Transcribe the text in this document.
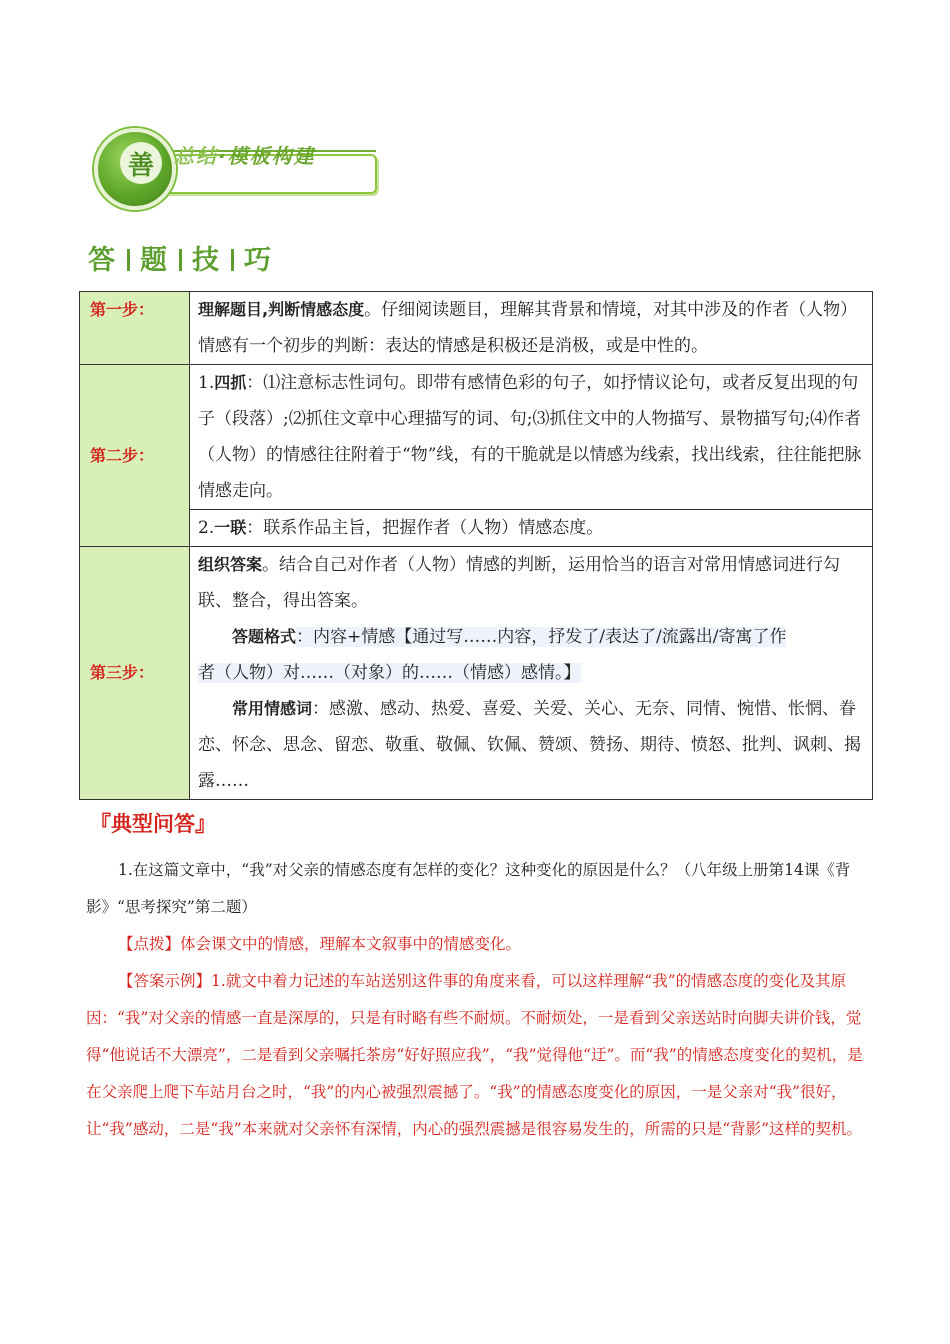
善	总结·模板构建
答 题 技 巧
第一步：	理解题目,判断情感态度。仔细阅读题目，理解其背景和情境，对其中涉及的作者（人物）情感有一个初步的判断：表达的情感是积极还是消极，或是中性的。
第二步：	1.四抓：⑴注意标志性词句。即带有感情色彩的句子，如抒情议论句，或者反复出现的句子（段落）;⑵抓住文章中心理描写的词、句;⑶抓住文中的人物描写、景物描写句;⑷作者（人物）的情感往往附着于“物”线，有的干脆就是以情感为线索，找出线索，往往能把脉情感走向。
	2.一联：联系作品主旨，把握作者（人物）情感态度。
第三步：	组织答案。结合自己对作者（人物）情感的判断，运用恰当的语言对常用情感词进行勾联、整合，得出答案。
答题格式：内容+情感【通过写……内容，抒发了/表达了/流露出/寄寓了作
者（人物）对……（对象）的……（情感）感情。】
常用情感词：感激、感动、热爱、喜爱、关爱、关心、无奈、同情、惋惜、怅惘、眷恋、怀念、思念、留恋、敬重、敬佩、钦佩、赞颂、赞扬、期待、愤怒、批判、讽刺、揭露……
『典型问答』

1.在这篇文章中，“我”对父亲的情感态度有怎样的变化？这种变化的原因是什么？（八年级上册第14课《背影》“思考探究”第二题）

【点拨】体会课文中的情感，理解本文叙事中的情感变化。

【答案示例】1.就文中着力记述的车站送别这件事的角度来看，可以这样理解“我”的情感态度的变化及其原因：“我”对父亲的情感一直是深厚的，只是有时略有些不耐烦。不耐烦处，一是看到父亲送站时向脚夫讲价钱，觉得“他说话不大漂亮”，二是看到父亲嘱托茶房“好好照应我”，“我”觉得他“迂”。而“我”的情感态度变化的契机，是在父亲爬上爬下车站月台之时，“我”的内心被强烈震撼了。“我”的情感态度变化的原因，一是父亲对“我”很好，让“我”感动，二是“我”本来就对父亲怀有深情，内心的强烈震撼是很容易发生的，所需的只是“背影”这样的契机。
